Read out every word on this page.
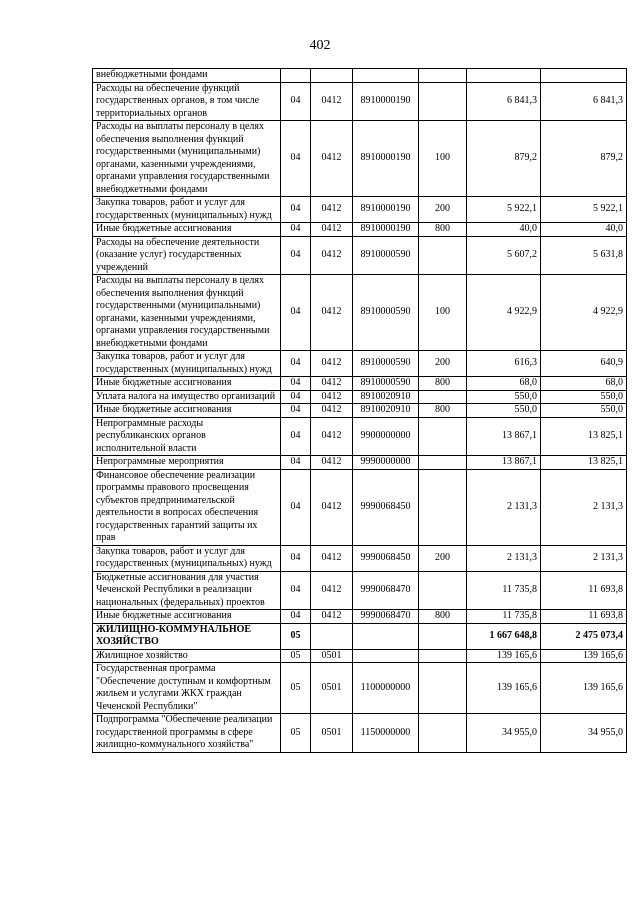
402
внебюджетными фондами						
Расходы на обеспечение функций государственных органов, в том числе территориальных органов	04	0412	8910000190		6 841,3	6 841,3
Расходы на выплаты персоналу в целях обеспечения выполнения функций государственными (муниципальными) органами, казенными учреждениями, органами управления государственными внебюджетными фондами	04	0412	8910000190	100	879,2	879,2
Закупка товаров, работ и услуг для государственных (муниципальных) нужд	04	0412	8910000190	200	5 922,1	5 922,1
Иные бюджетные ассигнования	04	0412	8910000190	800	40,0	40,0
Расходы на обеспечение деятельности (оказание услуг) государственных учреждений	04	0412	8910000590		5 607,2	5 631,8
Расходы на выплаты персоналу в целях обеспечения выполнения функций государственными (муниципальными) органами, казенными учреждениями, органами управления государственными внебюджетными фондами	04	0412	8910000590	100	4 922,9	4 922,9
Закупка товаров, работ и услуг для государственных (муниципальных) нужд	04	0412	8910000590	200	616,3	640,9
Иные бюджетные ассигнования	04	0412	8910000590	800	68,0	68,0
Уплата налога на имущество организаций	04	0412	8910020910		550,0	550,0
Иные бюджетные ассигнования	04	0412	8910020910	800	550,0	550,0
Непрограммные расходы республиканских органов исполнительной власти	04	0412	9900000000		13 867,1	13 825,1
Непрограммные мероприятия	04	0412	9990000000		13 867,1	13 825,1
Финансовое обеспечение реализации программы правового просвещения субъектов предпринимательской деятельности в вопросах обеспечения государственных гарантий защиты их прав	04	0412	9990068450		2 131,3	2 131,3
Закупка товаров, работ и услуг для государственных (муниципальных) нужд	04	0412	9990068450	200	2 131,3	2 131,3
Бюджетные ассигнования для участия Чеченской Республики в реализации национальных (федеральных) проектов	04	0412	9990068470		11 735,8	11 693,8
Иные бюджетные ассигнования	04	0412	9990068470	800	11 735,8	11 693,8
ЖИЛИЩНО-КОММУНАЛЬНОЕ ХОЗЯЙСТВО	05				1 667 648,8	2 475 073,4
Жилищное хозяйство	05	0501			139 165,6	139 165,6
Государственная программа "Обеспечение доступным и комфортным жильем и услугами ЖКХ граждан Чеченской Республики"	05	0501	1100000000		139 165,6	139 165,6
Подпрограмма "Обеспечение реализации государственной программы в сфере жилищно-коммунального хозяйства"	05	0501	1150000000		34 955,0	34 955,0
